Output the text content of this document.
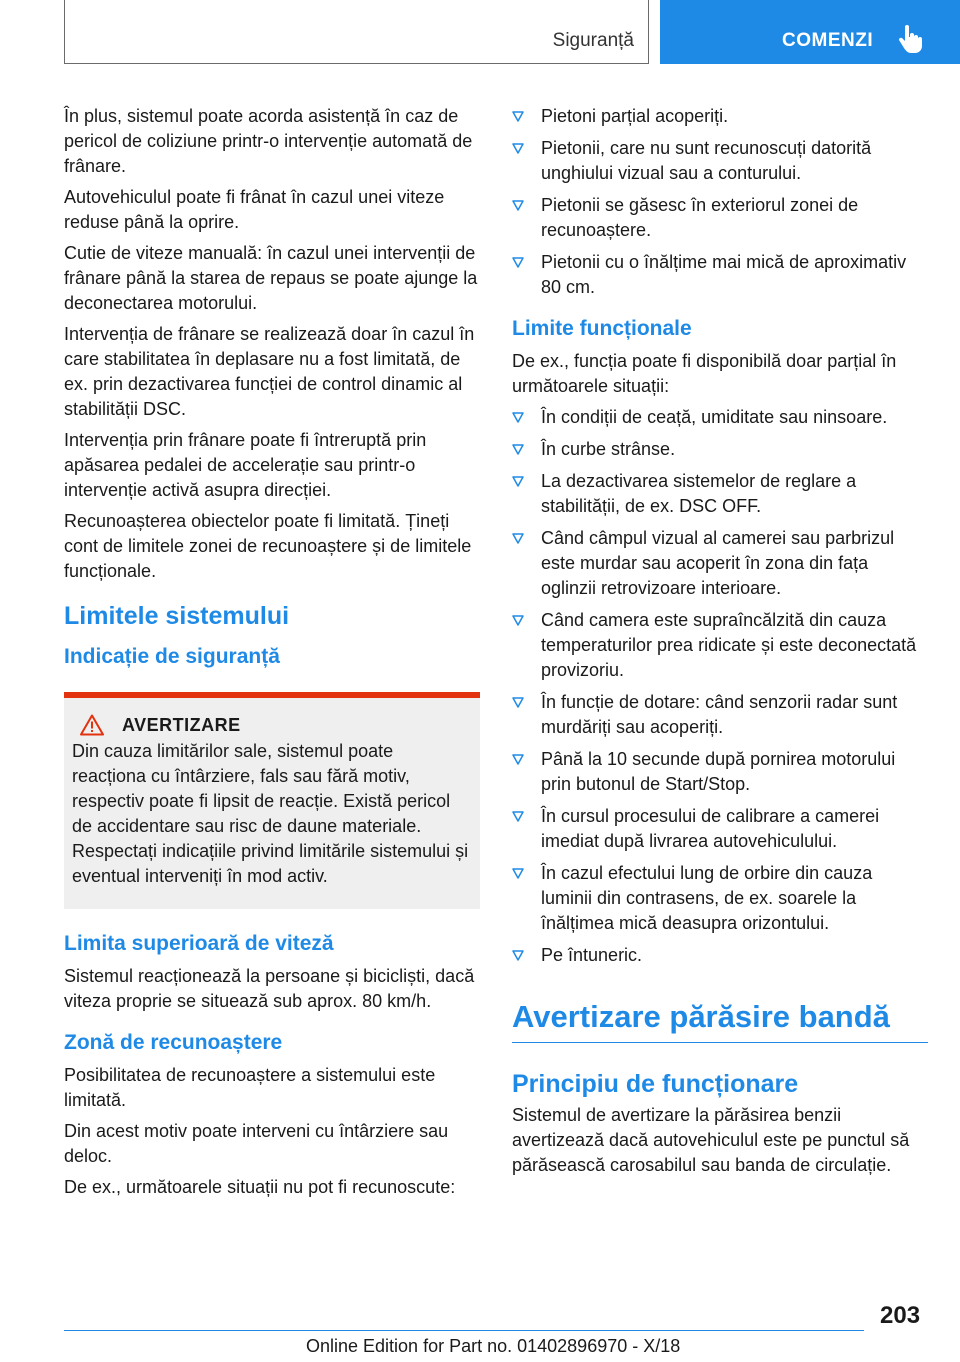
Siguranță	COMENZI

În plus, sistemul poate acorda asistență în caz de pericol de coliziune printr-o intervenție automată de frânare.

Autovehiculul poate fi frânat în cazul unei viteze reduse până la oprire.

Cutie de viteze manuală: în cazul unei intervenții de frânare până la starea de repaus se poate ajunge la deconectarea motorului.

Intervenția de frânare se realizează doar în cazul în care stabilitatea în deplasare nu a fost limitată, de ex. prin dezactivarea funcției de control dinamic al stabilității DSC.

Intervenția prin frânare poate fi întreruptă prin apăsarea pedalei de accelerație sau printr-o intervenție activă asupra direcției.

Recunoașterea obiectelor poate fi limitată. Țineți cont de limitele zonei de recunoaștere și de limitele funcționale.

Limitele sistemului
Indicație de siguranță
AVERTIZARE

Din cauza limitărilor sale, sistemul poate reacționa cu întârziere, fals sau fără motiv, respectiv poate fi lipsit de reacție. Există pericol de accidentare sau risc de daune materiale. Respectați indicațiile privind limitările sistemului și eventual interveniți în mod activ.

Limita superioară de viteză

Sistemul reacționează la persoane și bicicliști, dacă viteza proprie se situează sub aprox. 80 km/h.

Zonă de recunoaștere

Posibilitatea de recunoaștere a sistemului este limitată.

Din acest motiv poate interveni cu întârziere sau deloc.

De ex., următoarele situații nu pot fi recunoscute:

Pietoni parțial acoperiți.
Pietonii, care nu sunt recunoscuți datorită unghiului vizual sau a conturului.
Pietonii se găsesc în exteriorul zonei de recunoaștere.
Pietonii cu o înălțime mai mică de aproximativ 80 cm.
Limite funcționale

De ex., funcția poate fi disponibilă doar parțial în următoarele situații:

În condiții de ceață, umiditate sau ninsoare.
În curbe strânse.
La dezactivarea sistemelor de reglare a stabilității, de ex. DSC OFF.
Când câmpul vizual al camerei sau parbrizul este murdar sau acoperit în zona din fața oglinzii retrovizoare interioare.
Când camera este supraîncălzită din cauza temperaturilor prea ridicate și este deconectată provizoriu.
În funcție de dotare: când senzorii radar sunt murdăriți sau acoperiți.
Până la 10 secunde după pornirea motorului prin butonul de Start/Stop.
În cursul procesului de calibrare a camerei imediat după livrarea autovehiculului.
În cazul efectului lung de orbire din cauza luminii din contrasens, de ex. soarele la înălțimea mică deasupra orizontului.
Pe întuneric.
Avertizare părăsire bandă
Principiu de funcționare

Sistemul de avertizare la părăsirea benzii avertizează dacă autovehiculul este pe punctul să părăsească carosabilul sau banda de circulație.

203
Online Edition for Part no. 01402896970 - X/18
